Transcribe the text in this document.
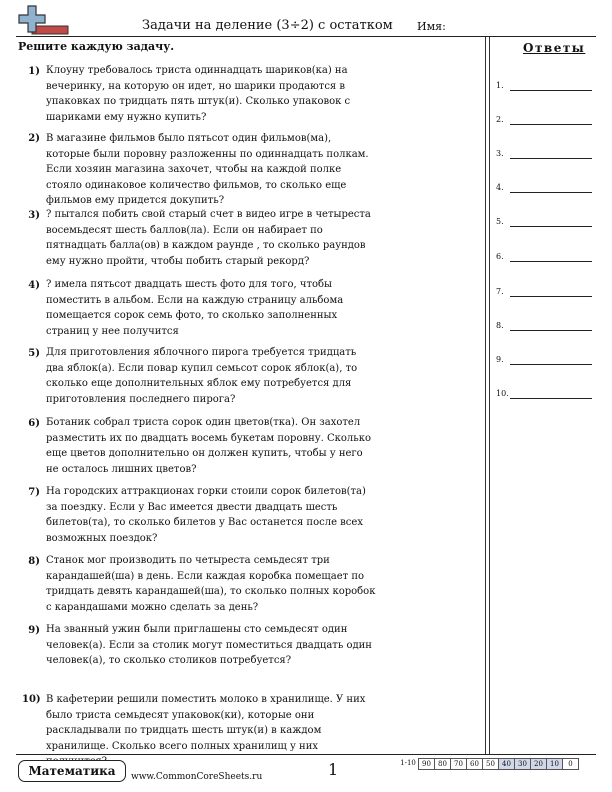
Задачи на деление (3÷2) с остатком Имя:
Решите каждую задачу.
1) Клоуну требовалось триста одиннадцать шариков(ка) на вечеринку, на которую он идет, но шарики продаются в упаковках по тридцать пять штук(и). Сколько упаковок с шариками ему нужно купить?
2) В магазине фильмов было пятьсот один фильмов(ма), которые были поровну разложенны по одиннадцать полкам. Если хозяин магазина захочет, чтобы на каждой полке стояло одинаковое количество фильмов, то сколько еще фильмов ему придется докупить?
3) ? пытался побить свой старый счет в видео игре в четыреста восемьдесят шесть баллов(ла). Если он набирает по пятнадцать балла(ов) в каждом раунде , то сколько раундов ему нужно пройти, чтобы побить старый рекорд?
4) ? имела пятьсот двадцать шесть фото для того, чтобы поместить в альбом. Если на каждую страницу альбома помещается сорок семь фото, то сколько заполненных страниц у нее получится
5) Для приготовления яблочного пирога требуется тридцать два яблок(а). Если повар купил семьсот сорок яблок(а), то сколько еще дополнительных яблок ему потребуется для приготовления последнего пирога?
6) Ботаник собрал триста сорок один цветов(тка). Он захотел разместить их по двадцать восемь букетам поровну. Сколько еще цветов дополнительно он должен купить, чтобы у него не осталось лишних цветов?
7) На городских аттракционах горки стоили сорок билетов(та) за поездку. Если у Вас имеется двести двадцать шесть билетов(та), то сколько билетов у Вас останется после всех возможных поездок?
8) Станок мог производить по четыреста семьдесят три карандашей(ша) в день. Если каждая коробка помещает по тридцать девять карандашей(ша), то сколько полных коробок с карандашами можно сделать за день?
9) На званный ужин были приглашены сто семьдесят один человек(а). Если за столик могут поместиться двадцать один человек(а), то сколько столиков потребуется?
10) В кафетерии решили поместить молоко в хранилище. У них было триста семьдесят упаковок(ки), которые они раскладывали по тридцать шесть штук(и) в каждом хранилище. Сколько всего полных хранилищ у них
Ответы
1.
2.
3.
4.
5.
6.
7.
8.
9.
10.
Математика	www.CommonCoreSheets.ru	1	1-10 90	80	70	60	50	40	30	20	10	0
